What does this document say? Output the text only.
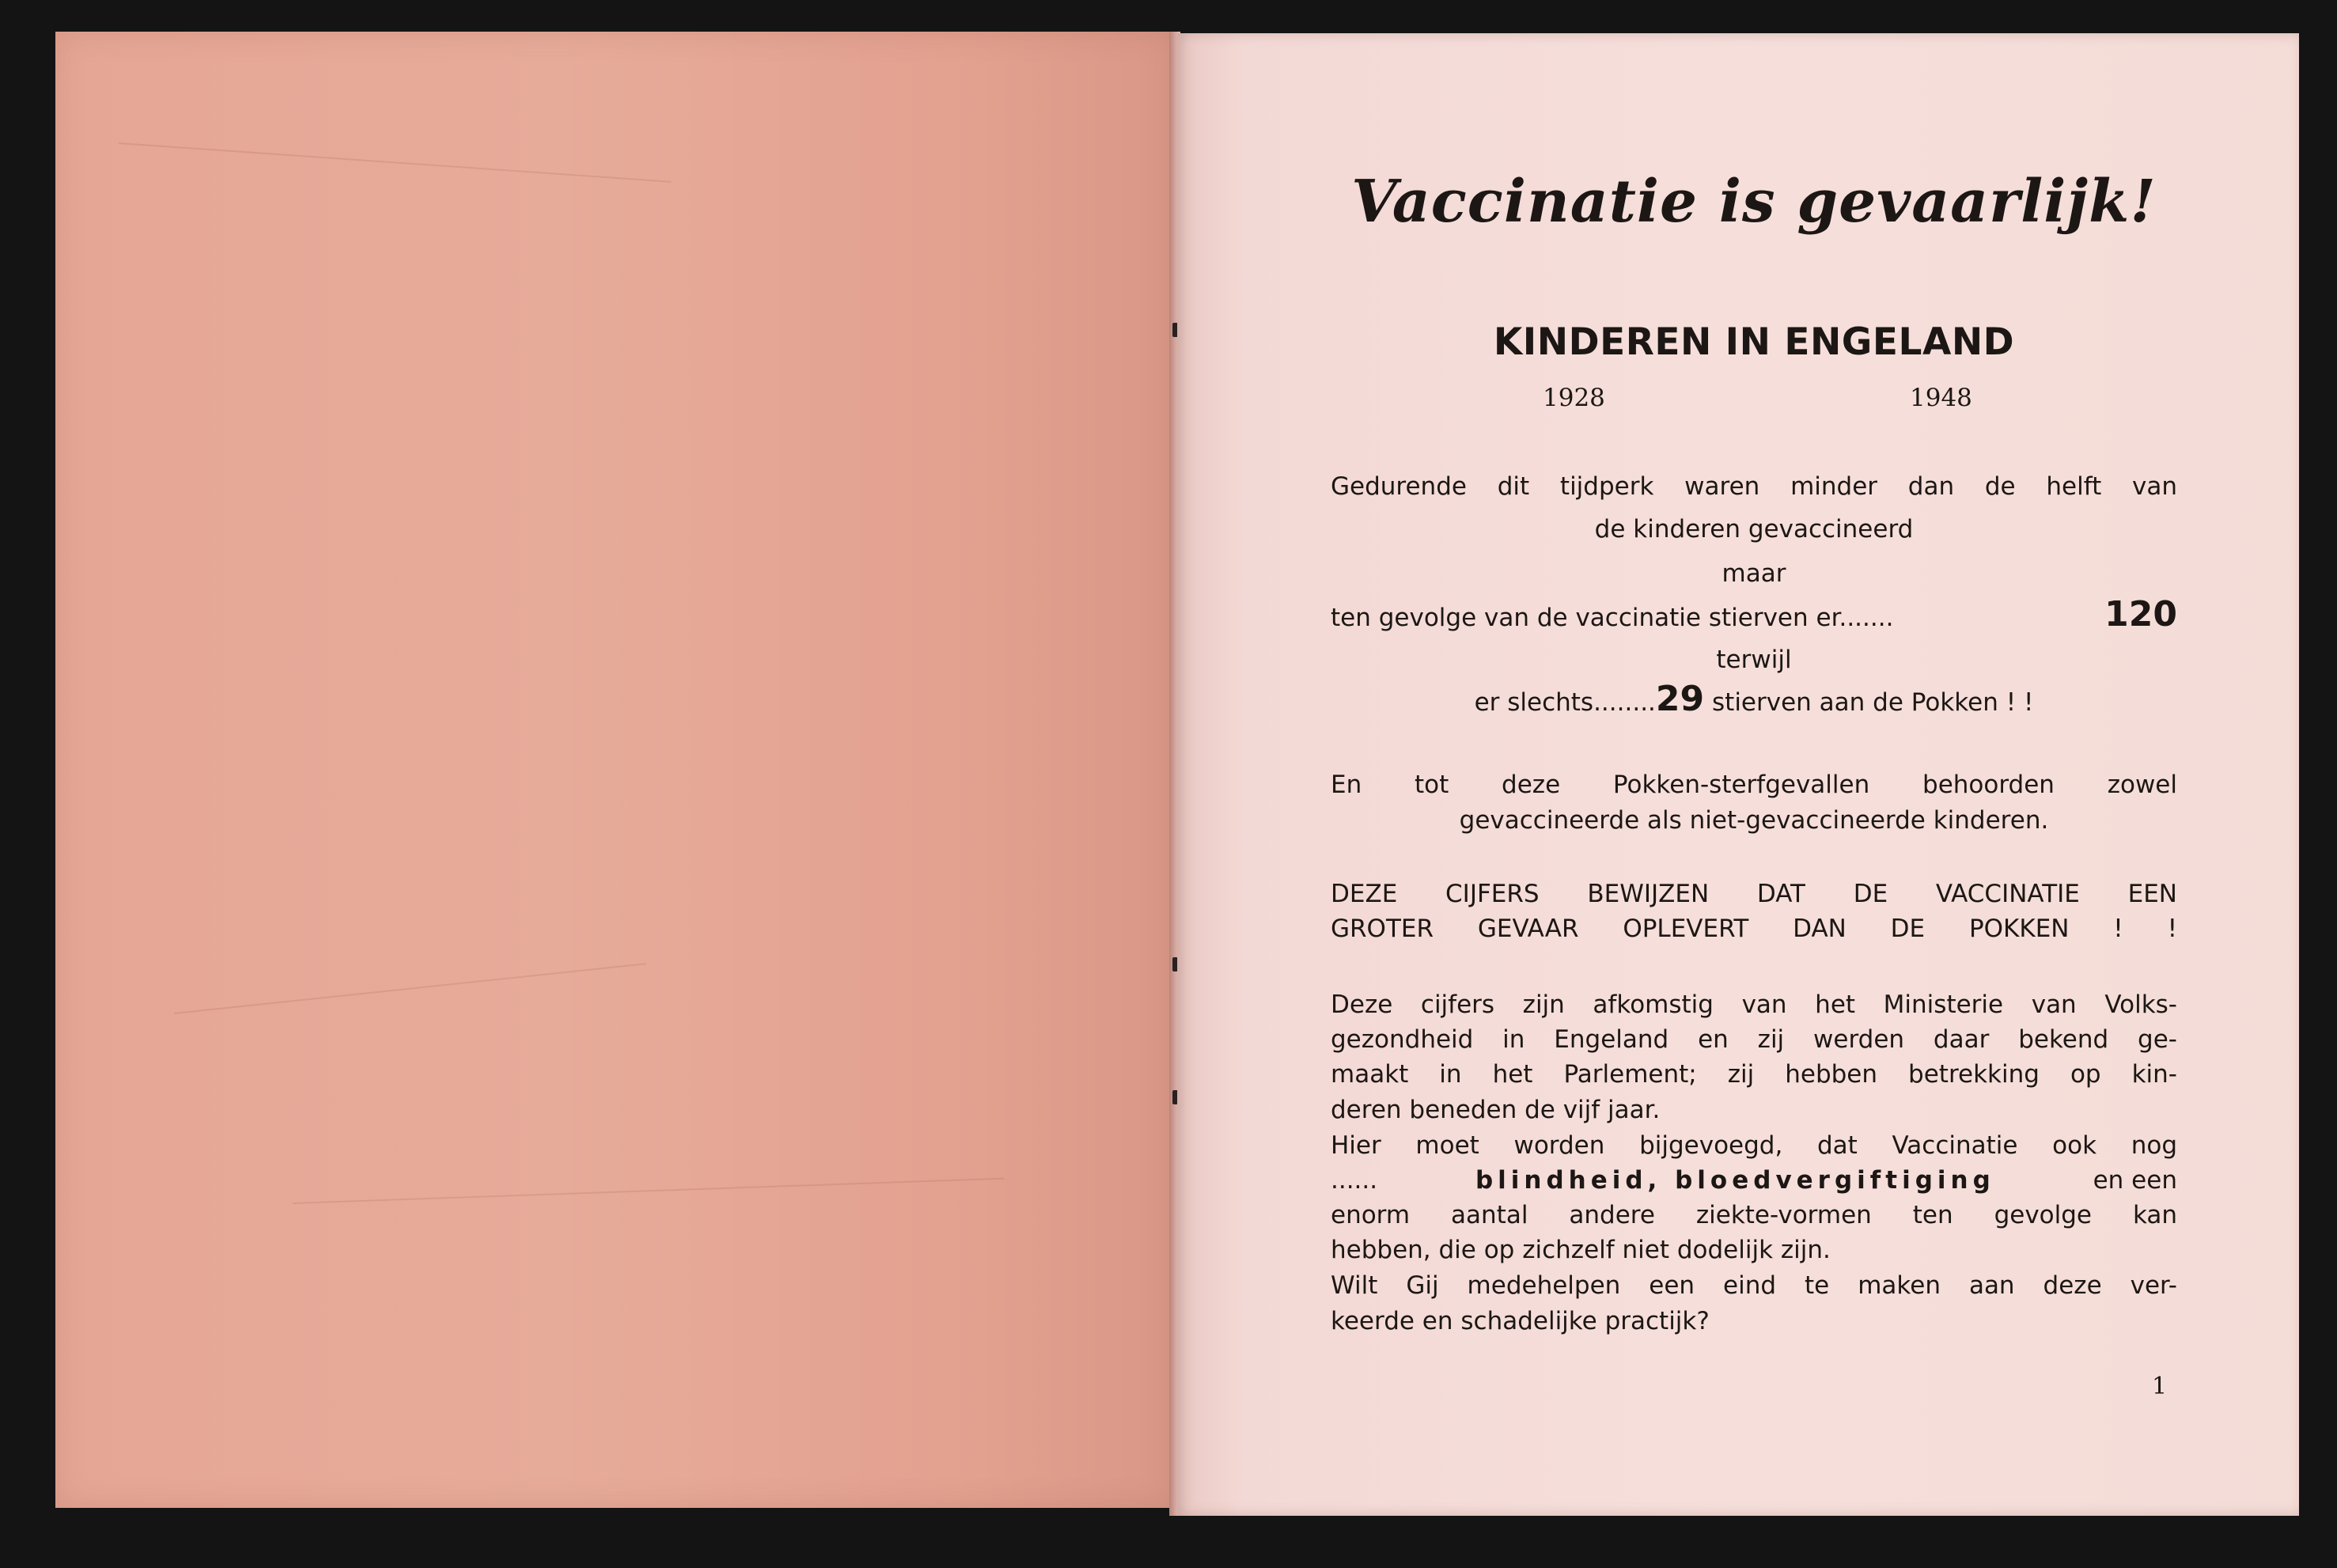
Vaccinatie is gevaarlijk!
KINDEREN IN ENGELAND
1928	1948
Gedurende dit tijdperk waren minder dan de helft van
de kinderen gevaccineerd
maar
ten gevolge van de vaccinatie stierven er.......	120
terwijl
er slechts........29 stierven aan de Pokken ! !
En tot deze Pokken-sterfgevallen behoorden zowel
gevaccineerde als niet-gevaccineerde kinderen.
DEZE CIJFERS BEWIJZEN DAT DE VACCINATIE EEN
GROTER GEVAAR OPLEVERT DAN DE POKKEN ! !
Deze cijfers zijn afkomstig van het Ministerie van Volks-
gezondheid in Engeland en zij werden daar bekend ge-
maakt in het Parlement; zij hebben betrekking op kin-
deren beneden de vijf jaar.
Hier moet worden bijgevoegd, dat Vaccinatie ook nog
......	blindheid, bloedvergiftiging	en een
enorm aantal andere ziekte-vormen ten gevolge kan
hebben, die op zichzelf niet dodelijk zijn.
Wilt Gij medehelpen een eind te maken aan deze ver-
keerde en schadelijke practijk?
1
